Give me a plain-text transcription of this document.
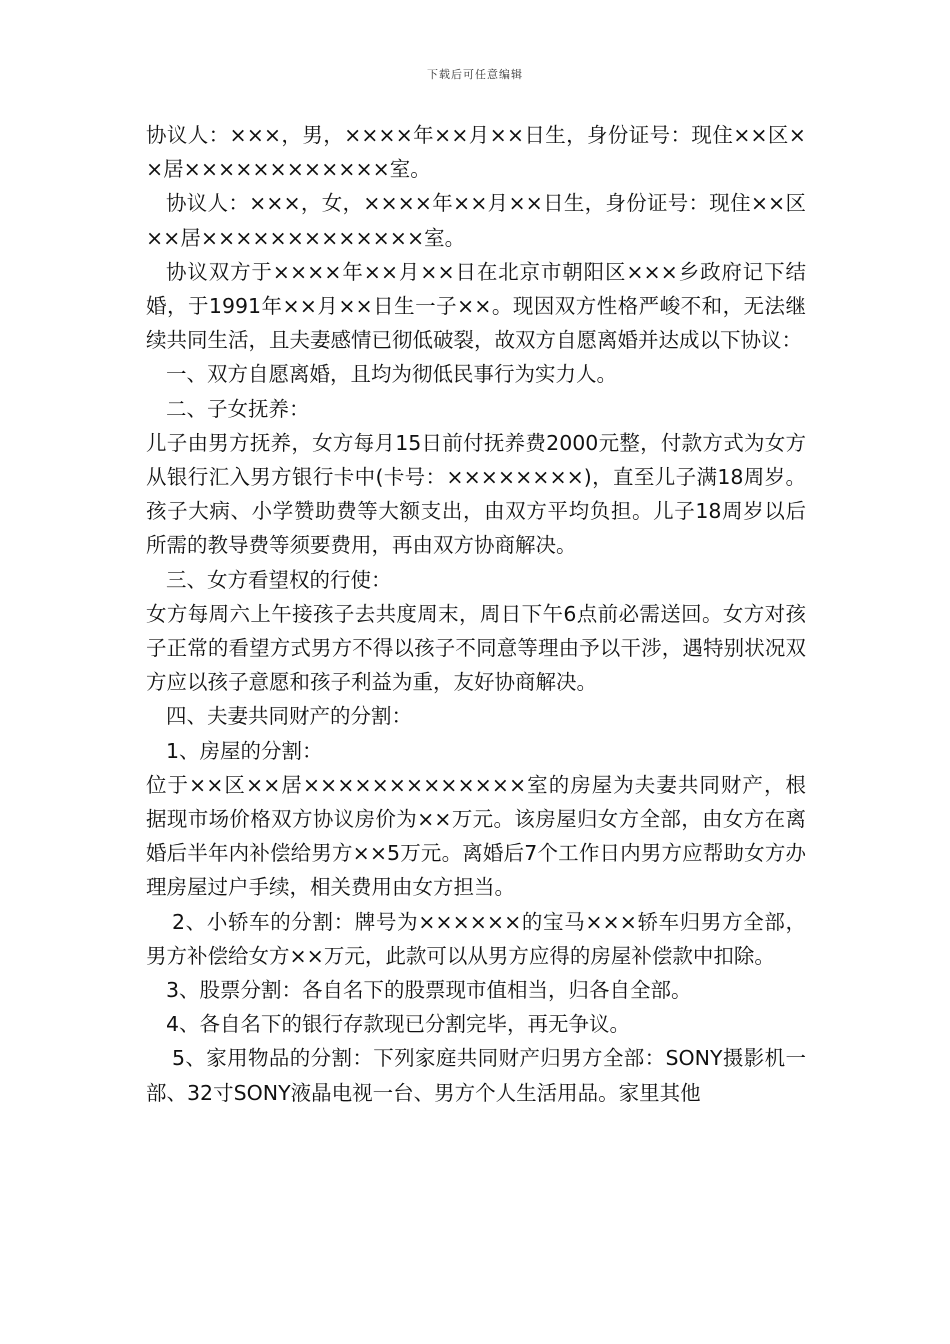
下载后可任意编辑

协议人：×××，男，××××年××月××日生，身份证号：现住××区××居××××××××××××室。

协议人：×××，女，××××年××月××日生，身份证号：现住××区××居×××××××××××××室。

协议双方于××××年××月××日在北京市朝阳区×××乡政府记下结婚，于1991年××月××日生一子××。现因双方性格严峻不和，无法继续共同生活，且夫妻感情已彻低破裂，故双方自愿离婚并达成以下协议：

一、双方自愿离婚，且均为彻低民事行为实力人。

二、子女抚养：

儿子由男方抚养，女方每月15日前付抚养费2000元整，付款方式为女方从银行汇入男方银行卡中(卡号：××××××××)，直至儿子满18周岁。孩子大病、小学赞助费等大额支出，由双方平均负担。儿子18周岁以后所需的教导费等须要费用，再由双方协商解决。

三、女方看望权的行使：

女方每周六上午接孩子去共度周末，周日下午6点前必需送回。女方对孩子正常的看望方式男方不得以孩子不同意等理由予以干涉，遇特别状况双方应以孩子意愿和孩子利益为重，友好协商解决。

四、夫妻共同财产的分割：

1、房屋的分割：

位于××区××居×××××××××××××室的房屋为夫妻共同财产，根据现市场价格双方协议房价为××万元。该房屋归女方全部，由女方在离婚后半年内补偿给男方××5万元。离婚后7个工作日内男方应帮助女方办理房屋过户手续，相关费用由女方担当。

2、小轿车的分割：牌号为××××××的宝马×××轿车归男方全部，男方补偿给女方××万元，此款可以从男方应得的房屋补偿款中扣除。

3、股票分割：各自名下的股票现市值相当，归各自全部。

4、各自名下的银行存款现已分割完毕，再无争议。

5、家用物品的分割：下列家庭共同财产归男方全部：SONY摄影机一部、32寸SONY液晶电视一台、男方个人生活用品。家里其他
